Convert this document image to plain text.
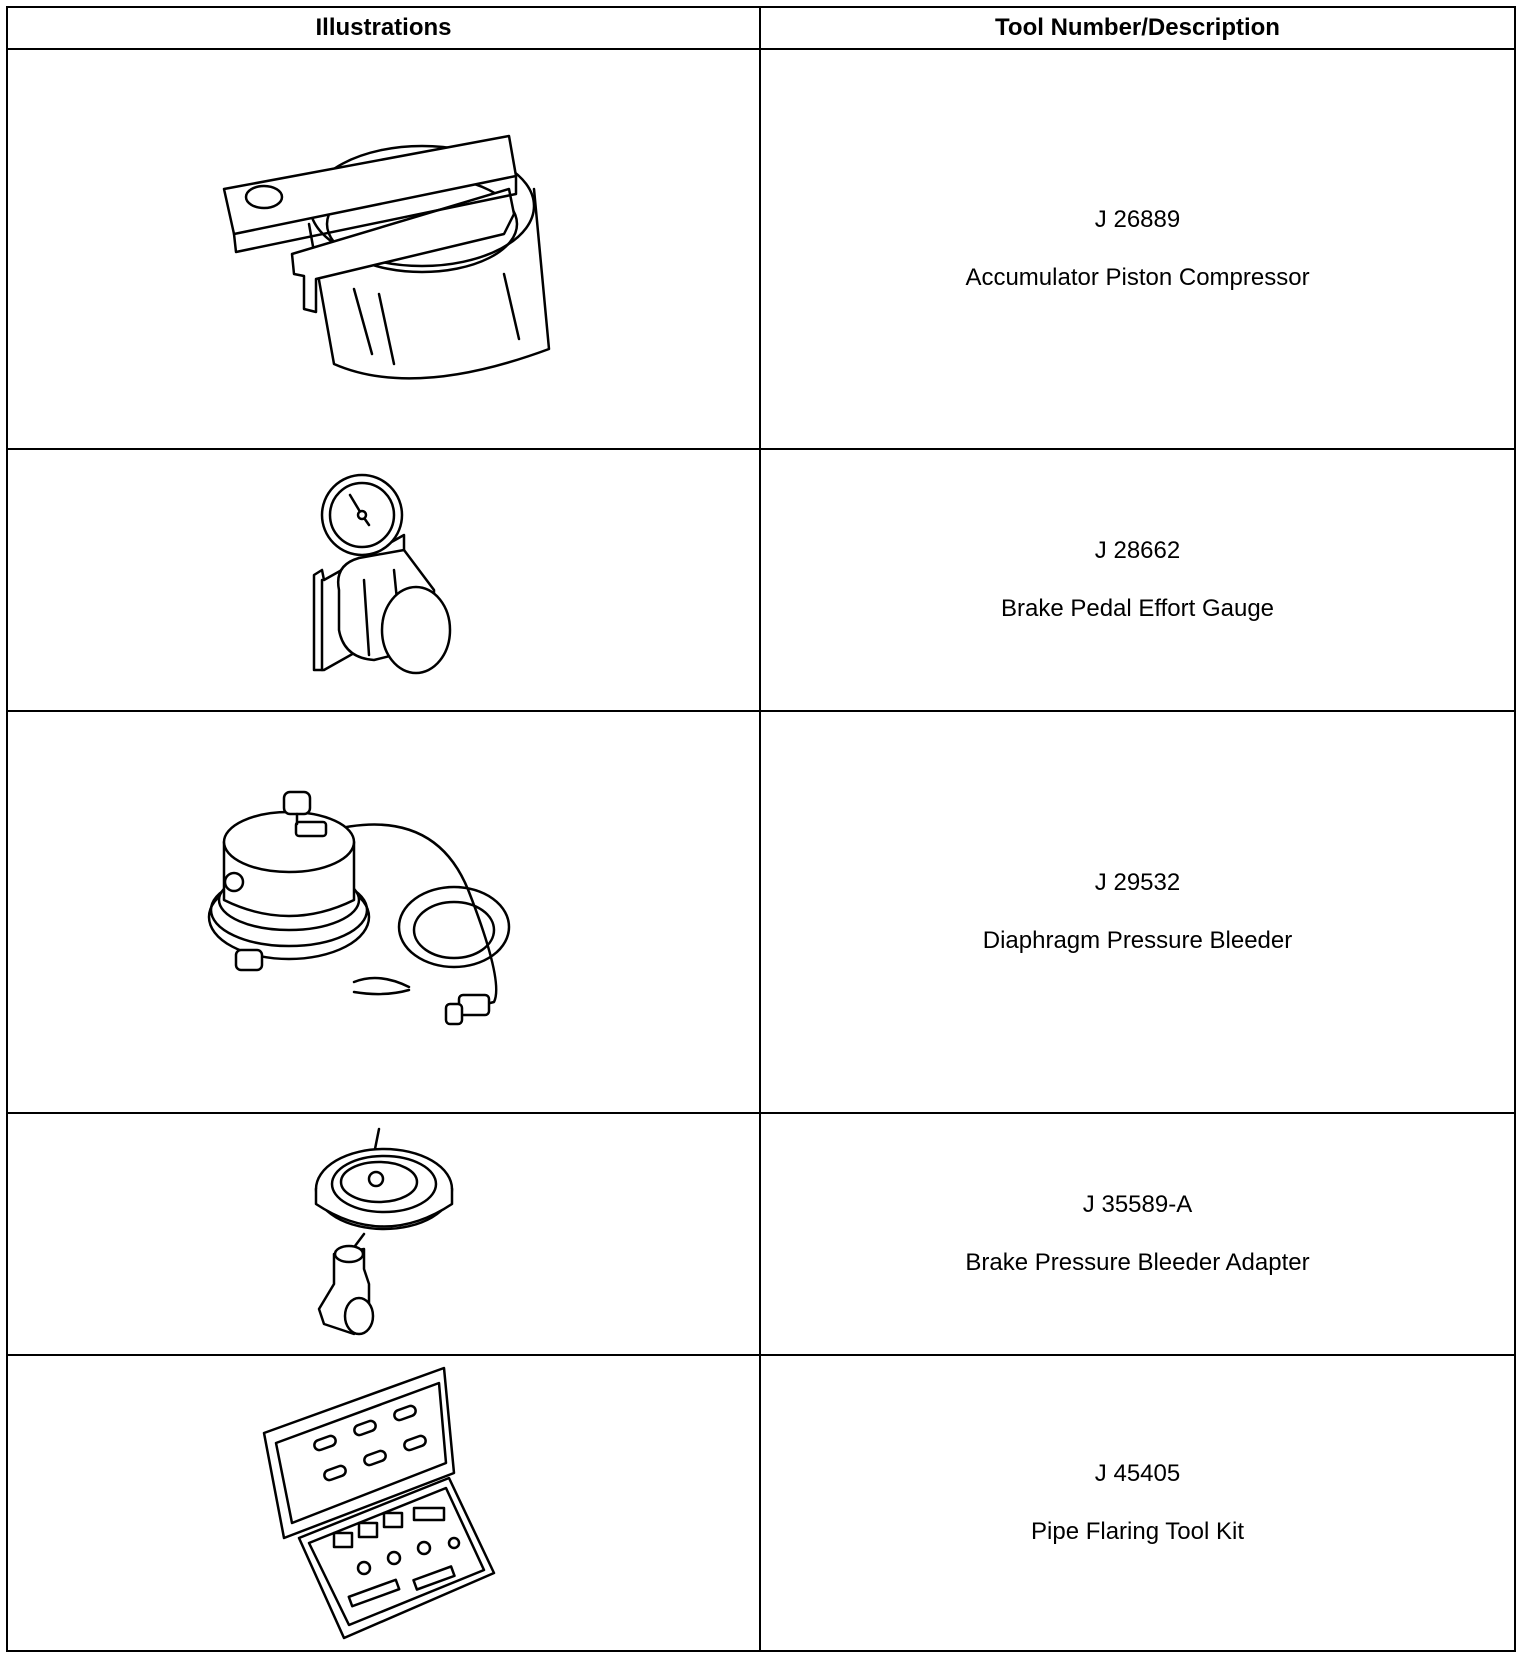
Illustrations	Tool Number/Description

J 26889
Accumulator Piston Compressor

J 28662
Brake Pedal Effort Gauge

J 29532
Diaphragm Pressure Bleeder

J 35589-A
Brake Pressure Bleeder Adapter

J 45405
Pipe Flaring Tool Kit
